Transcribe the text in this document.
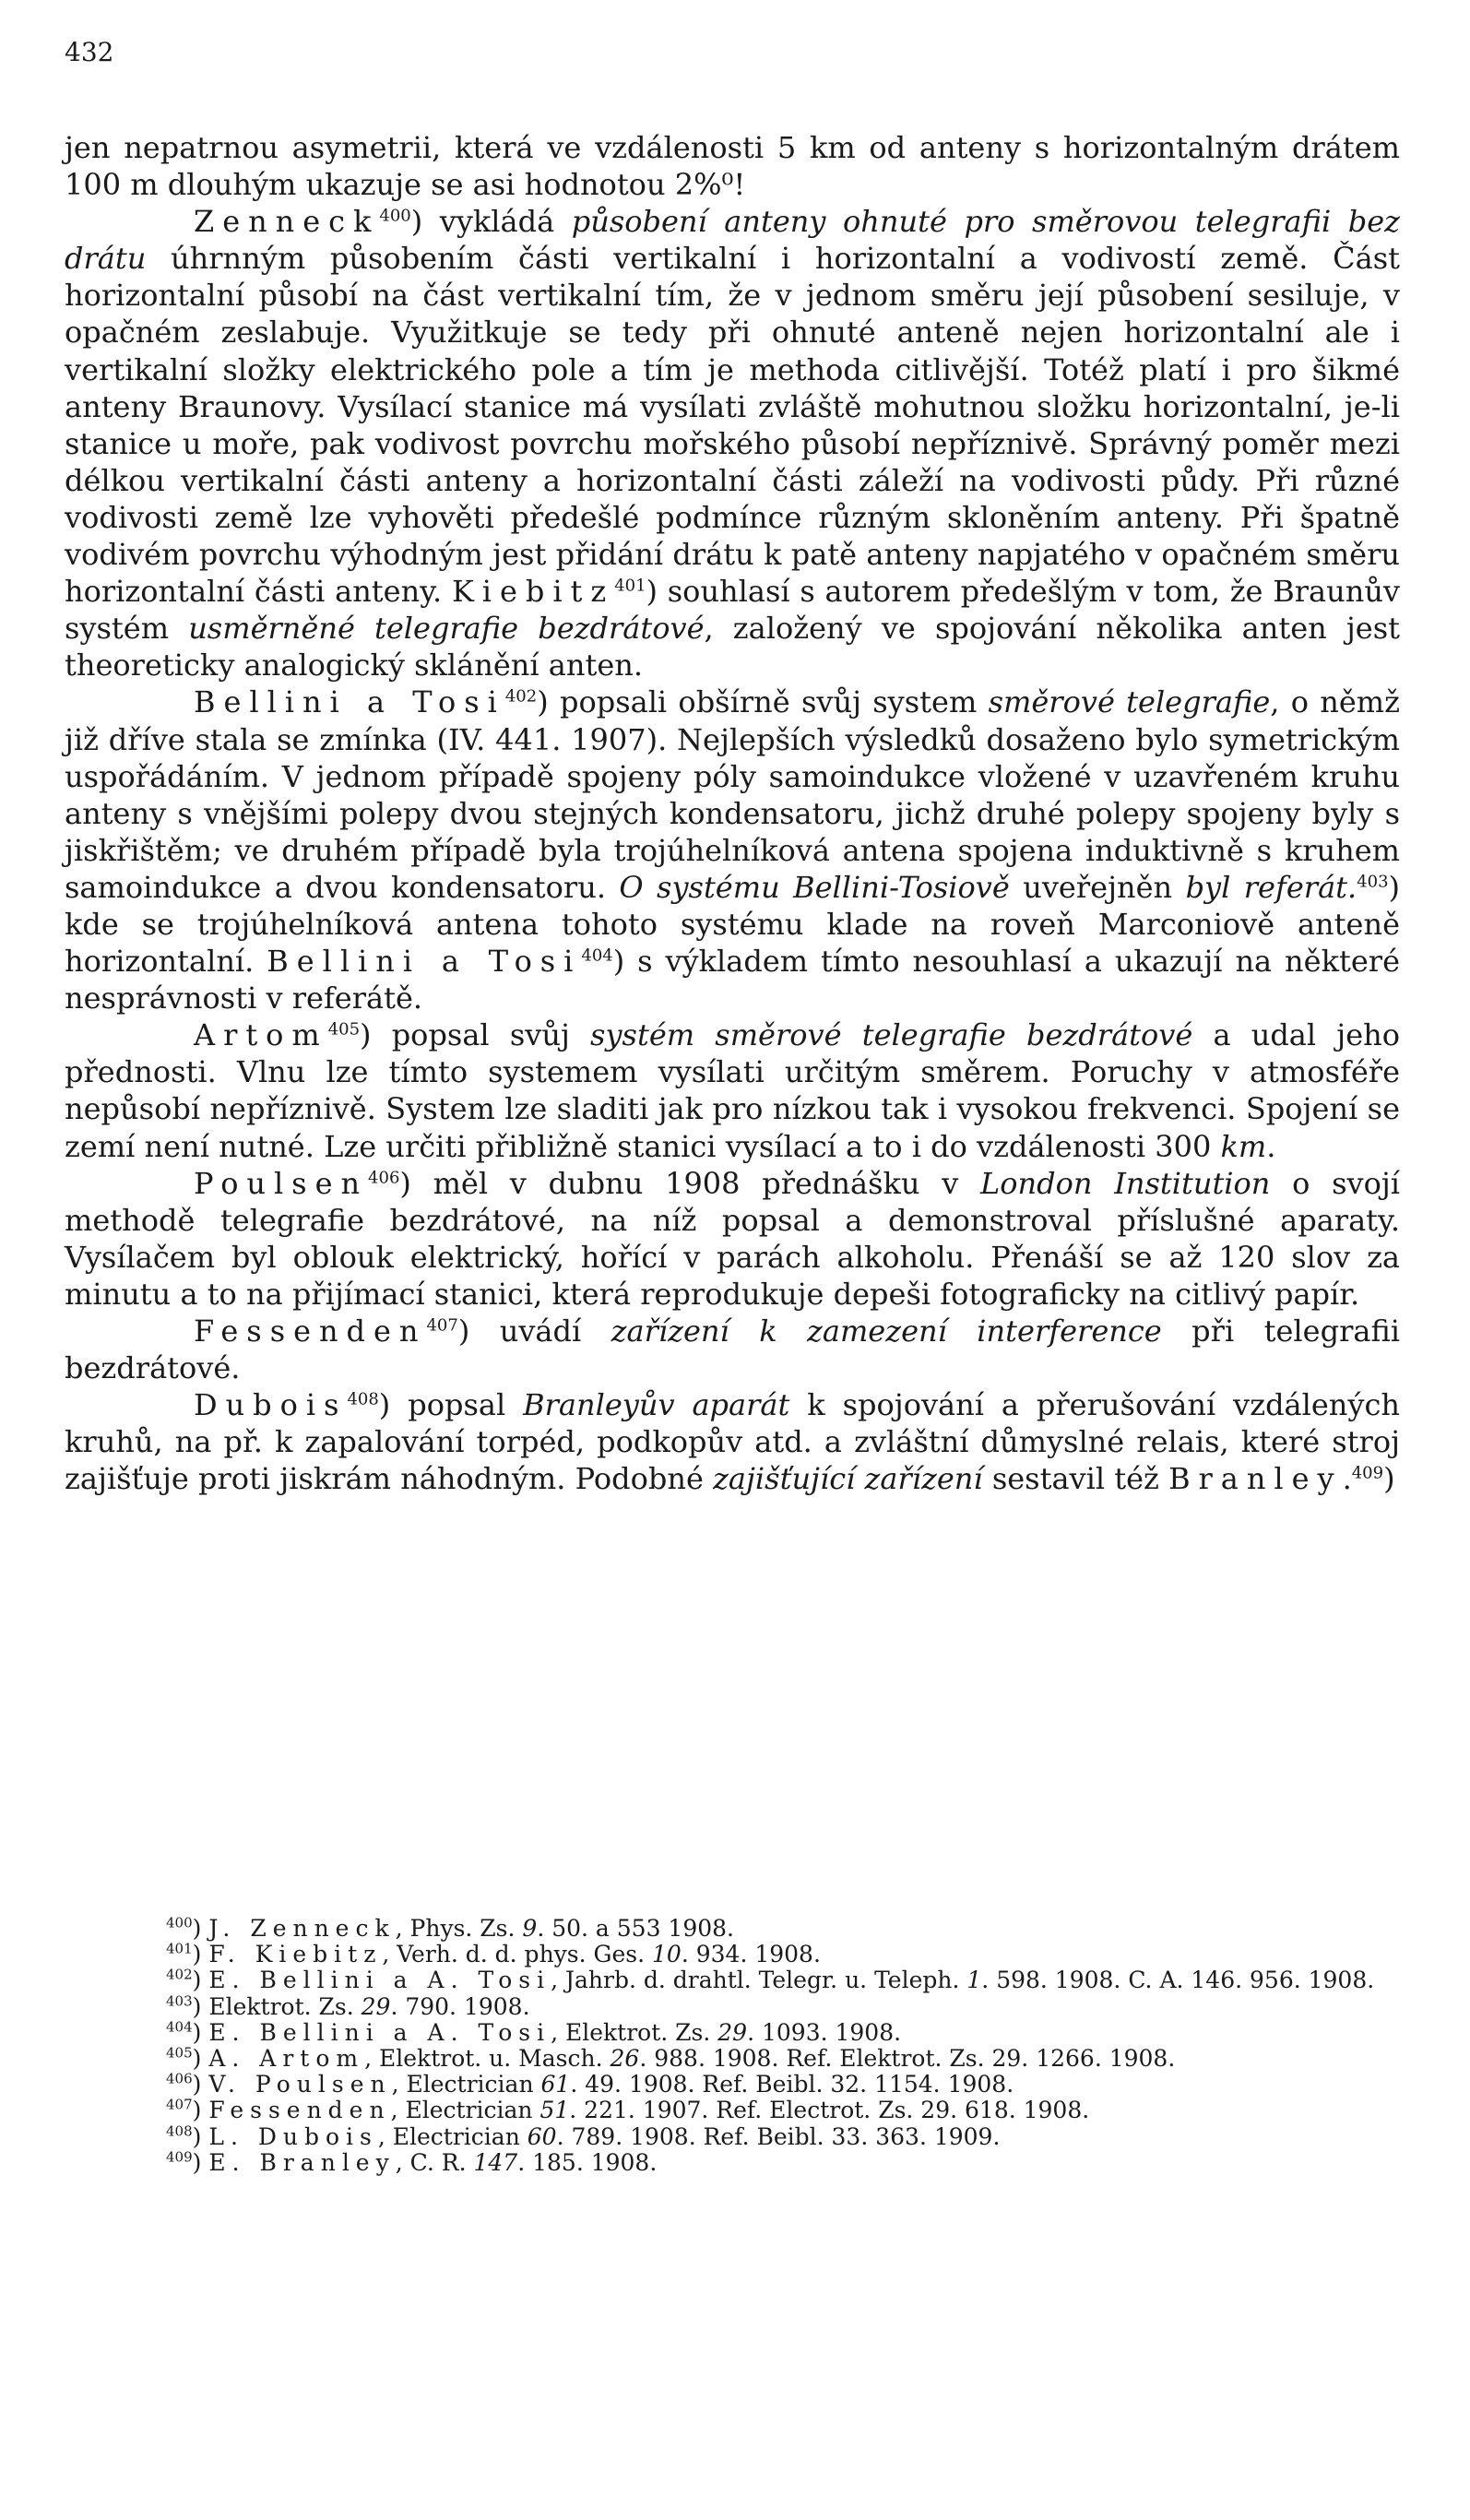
432

jen nepatrnou asymetrii, která ve vzdálenosti 5 km od anteny s horizontalným drátem 100 m dlouhým ukazuje se asi hodnotou 2%⁰!

Zenneck$^{400}$) vykládá působení anteny ohnuté pro směrovou telegrafii bez drátu úhrnným působením části vertikalní i horizontalní a vodivostí země. Část horizontalní působí na část vertikalní tím, že v jednom směru její působení sesiluje, v opačném zeslabuje. Využitkuje se tedy při ohnuté anteně nejen horizontalní ale i vertikalní složky elektrického pole a tím je methoda citlivější. Totéž platí i pro šikmé anteny Braunovy. Vysílací stanice má vysílati zvláště mohutnou složku horizontalní, je-li stanice u moře, pak vodivost povrchu mořského působí nepříznivě. Správný poměr mezi délkou vertikalní části anteny a horizontalní části záleží na vodivosti půdy. Při různé vodivosti země lze vyhověti předešlé podmínce různým skloněním anteny. Při špatně vodivém povrchu výhodným jest přidání drátu k patě anteny napjatého v opačném směru horizontalní části anteny. Kiebitz$^{401}$) souhlasí s autorem předešlým v tom, že Braunův systém usměrněné telegrafie bezdrátové, založený ve spojování několika anten jest theoreticky analogický sklánění anten.

Bellini a Tosi$^{402}$) popsali obšírně svůj system směrové telegrafie, o němž již dříve stala se zmínka (IV. 441. 1907). Nejlepších výsledků dosaženo bylo symetrickým uspořádáním. V jednom případě spojeny póly samoindukce vložené v uzavřeném kruhu anteny s vnějšími polepy dvou stejných kondensatoru, jichž druhé polepy spojeny byly s jiskřištěm; ve druhém případě byla trojúhelníková antena spojena induktivně s kruhem samoindukce a dvou kondensatoru. O systému Bellini-Tosiově uveřejněn byl referát.$^{403}$) kde se trojúhelníková antena tohoto systému klade na roveň Marconiově anteně horizontalní. Bellini a Tosi$^{404}$) s výkladem tímto nesouhlasí a ukazují na některé nesprávnosti v referátě.

Artom$^{405}$) popsal svůj systém směrové telegrafie bezdrátové a udal jeho přednosti. Vlnu lze tímto systemem vysílati určitým směrem. Poruchy v atmosféře nepůsobí nepříznivě. System lze sladiti jak pro nízkou tak i vysokou frekvenci. Spojení se zemí není nutné. Lze určiti přibližně stanici vysílací a to i do vzdálenosti 300 km.

Poulsen$^{406}$) měl v dubnu 1908 přednášku v London Institution o svojí methodě telegrafie bezdrátové, na níž popsal a demonstroval příslušné aparaty. Vysílačem byl oblouk elektrický, hořící v parách alkoholu. Přenáší se až 120 slov za minutu a to na přijímací stanici, která reprodukuje depeši fotograficky na citlivý papír.

Fessenden$^{407}$) uvádí zařízení k zamezení interference při telegrafii bezdrátové.

Dubois$^{408}$) popsal Branleyův aparát k spojování a přerušování vzdálených kruhů, na př. k zapalování torpéd, podkopův atd. a zvláštní důmyslné relais, které stroj zajišťuje proti jiskrám náhodným. Podobné zajišťující zařízení sestavil též Branley.$^{409}$)

$^{400}$) J. Zenneck, Phys. Zs. 9. 50. a 553 1908.

$^{401}$) F. Kiebitz, Verh. d. d. phys. Ges. 10. 934. 1908.

$^{402}$) E. Bellini a A. Tosi, Jahrb. d. drahtl. Telegr. u. Teleph. 1. 598. 1908. C. A. 146. 956. 1908.

$^{403}$) Elektrot. Zs. 29. 790. 1908.

$^{404}$) E. Bellini a A. Tosi, Elektrot. Zs. 29. 1093. 1908.

$^{405}$) A. Artom, Elektrot. u. Masch. 26. 988. 1908. Ref. Elektrot. Zs. 29. 1266. 1908.

$^{406}$) V. Poulsen, Electrician 61. 49. 1908. Ref. Beibl. 32. 1154. 1908.

$^{407}$) Fessenden, Electrician 51. 221. 1907. Ref. Electrot. Zs. 29. 618. 1908.

$^{408}$) L. Dubois, Electrician 60. 789. 1908. Ref. Beibl. 33. 363. 1909.

$^{409}$) E. Branley, C. R. 147. 185. 1908.
